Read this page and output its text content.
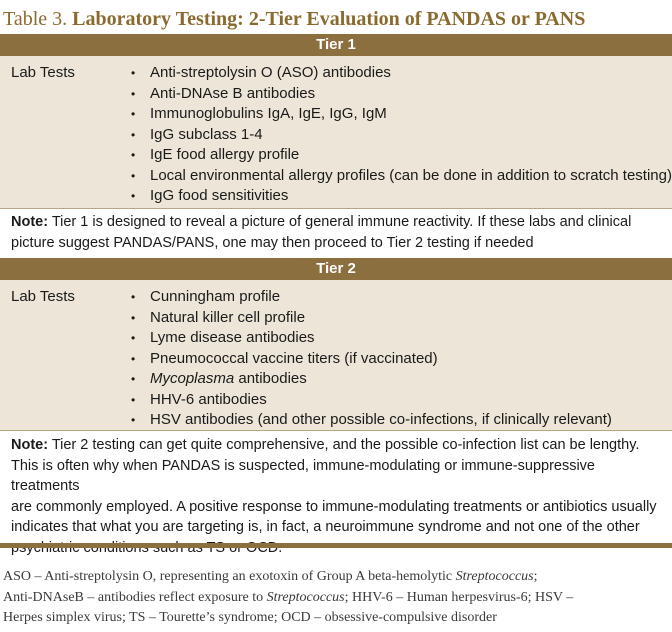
Table 3. Laboratory Testing: 2-Tier Evaluation of PANDAS or PANS
Tier 1
Lab Tests	• Anti-streptolysin O (ASO) antibodies
• Anti-DNAse B antibodies
• Immunoglobulins IgA, IgE, IgG, IgM
• IgG subclass 1-4
• IgE food allergy profile
• Local environmental allergy profiles (can be done in addition to scratch testing)
• IgG food sensitivities
Note: Tier 1 is designed to reveal a picture of general immune reactivity. If these labs and clinical
picture suggest PANDAS/PANS, one may then proceed to Tier 2 testing if needed
Tier 2
Lab Tests	• Cunningham profile
• Natural killer cell profile
• Lyme disease antibodies
• Pneumococcal vaccine titers (if vaccinated)
• Mycoplasma antibodies
• HHV-6 antibodies
• HSV antibodies (and other possible co-infections, if clinically relevant)
Note: Tier 2 testing can get quite comprehensive, and the possible co-infection list can be lengthy.
This is often why when PANDAS is suspected, immune-modulating or immune-suppressive treatments
are commonly employed. A positive response to immune-modulating treatments or antibiotics usually
indicates that what you are targeting is, in fact, a neuroimmune syndrome and not one of the other

ASO – Anti-streptolysin O, representing an exotoxin of Group A beta-hemolytic Streptococcus;
Anti-DNAseB – antibodies reflect exposure to Streptococcus; HHV-6 – Human herpesvirus-6; HSV –
Herpes simplex virus; TS – Tourette’s syndrome; OCD – obsessive-compulsive disorder
